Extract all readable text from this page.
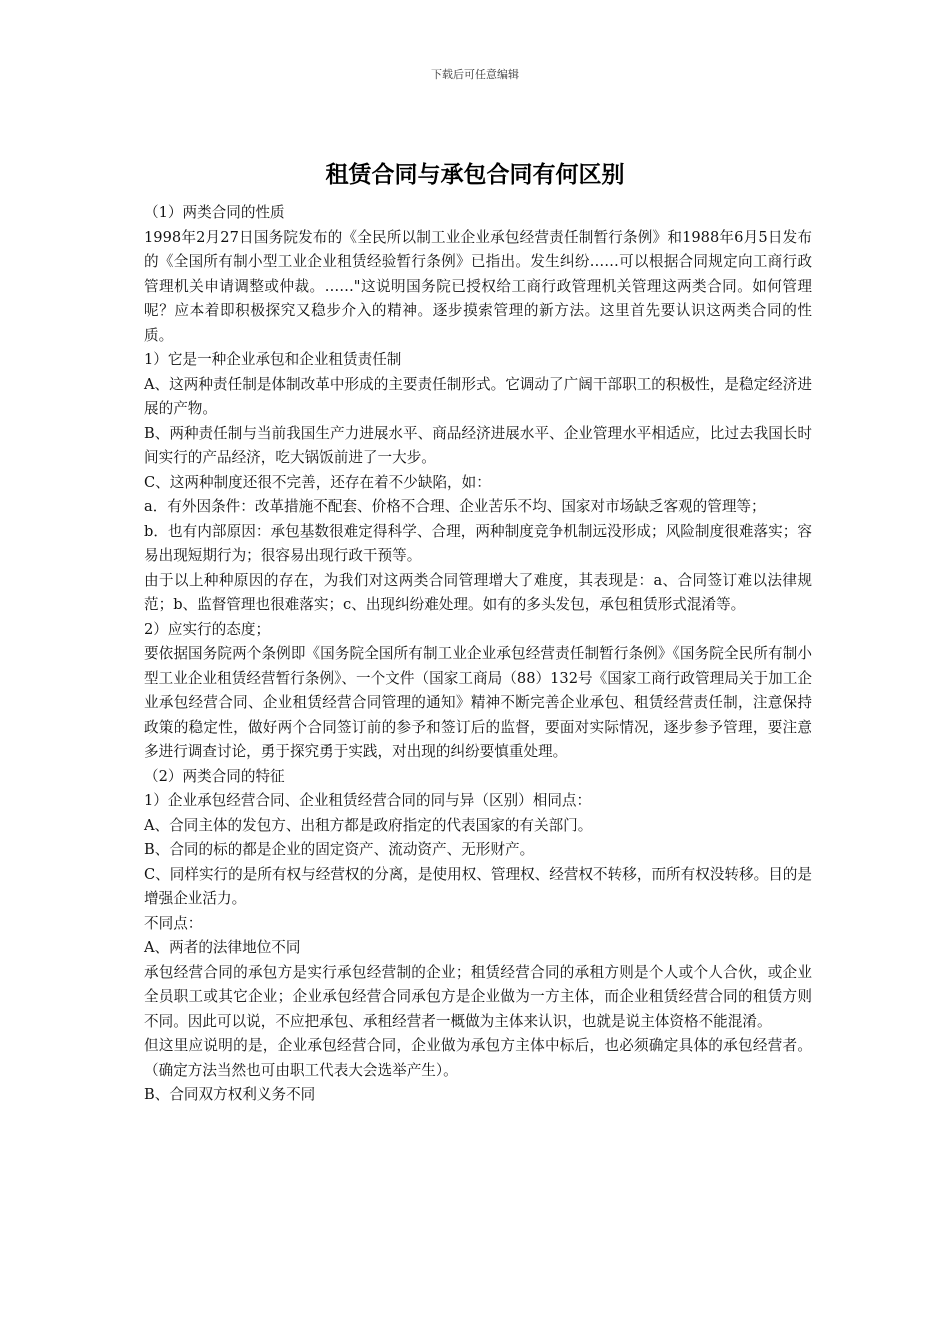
下载后可任意编辑
租赁合同与承包合同有何区别

（1）两类合同的性质

1998年2月27日国务院发布的《全民所以制工业企业承包经营责任制暂行条例》和1988年6月5日发布的《全国所有制小型工业企业租赁经验暂行条例》已指出。发生纠纷……可以根据合同规定向工商行政管理机关申请调整或仲裁。……"这说明国务院已授权给工商行政管理机关管理这两类合同。如何管理呢？应本着即积极探究又稳步介入的精神。逐步摸索管理的新方法。这里首先要认识这两类合同的性质。

1）它是一种企业承包和企业租赁责任制

A、这两种责任制是体制改革中形成的主要责任制形式。它调动了广阔干部职工的积极性，是稳定经济进展的产物。

B、两种责任制与当前我国生产力进展水平、商品经济进展水平、企业管理水平相适应，比过去我国长时间实行的产品经济，吃大锅饭前进了一大步。

C、这两种制度还很不完善，还存在着不少缺陷，如：

a．有外因条件：改革措施不配套、价格不合理、企业苦乐不均、国家对市场缺乏客观的管理等；

b．也有内部原因：承包基数很难定得科学、合理，两种制度竞争机制远没形成；风险制度很难落实；容易出现短期行为；很容易出现行政干预等。

由于以上种种原因的存在，为我们对这两类合同管理增大了难度，其表现是：a、合同签订难以法律规范；b、监督管理也很难落实；c、出现纠纷难处理。如有的多头发包，承包租赁形式混淆等。

2）应实行的态度；

要依据国务院两个条例即《国务院全国所有制工业企业承包经营责任制暂行条例》《国务院全民所有制小型工业企业租赁经营暂行条例》、一个文件（国家工商局（88）132号《国家工商行政管理局关于加工企业承包经营合同、企业租赁经营合同管理的通知》精神不断完善企业承包、租赁经营责任制，注意保持政策的稳定性，做好两个合同签订前的参予和签订后的监督，要面对实际情况，逐步参予管理，要注意多进行调查讨论，勇于探究勇于实践，对出现的纠纷要慎重处理。

（2）两类合同的特征

1）企业承包经营合同、企业租赁经营合同的同与异（区别）相同点：

A、合同主体的发包方、出租方都是政府指定的代表国家的有关部门。

B、合同的标的都是企业的固定资产、流动资产、无形财产。

C、同样实行的是所有权与经营权的分离，是使用权、管理权、经营权不转移，而所有权没转移。目的是增强企业活力。

不同点：

A、两者的法律地位不同

承包经营合同的承包方是实行承包经营制的企业；租赁经营合同的承租方则是个人或个人合伙，或企业全员职工或其它企业；企业承包经营合同承包方是企业做为一方主体，而企业租赁经营合同的租赁方则不同。因此可以说，不应把承包、承租经营者一概做为主体来认识，也就是说主体资格不能混淆。

但这里应说明的是，企业承包经营合同，企业做为承包方主体中标后，也必须确定具体的承包经营者。（确定方法当然也可由职工代表大会选举产生）。

B、合同双方权利义务不同
